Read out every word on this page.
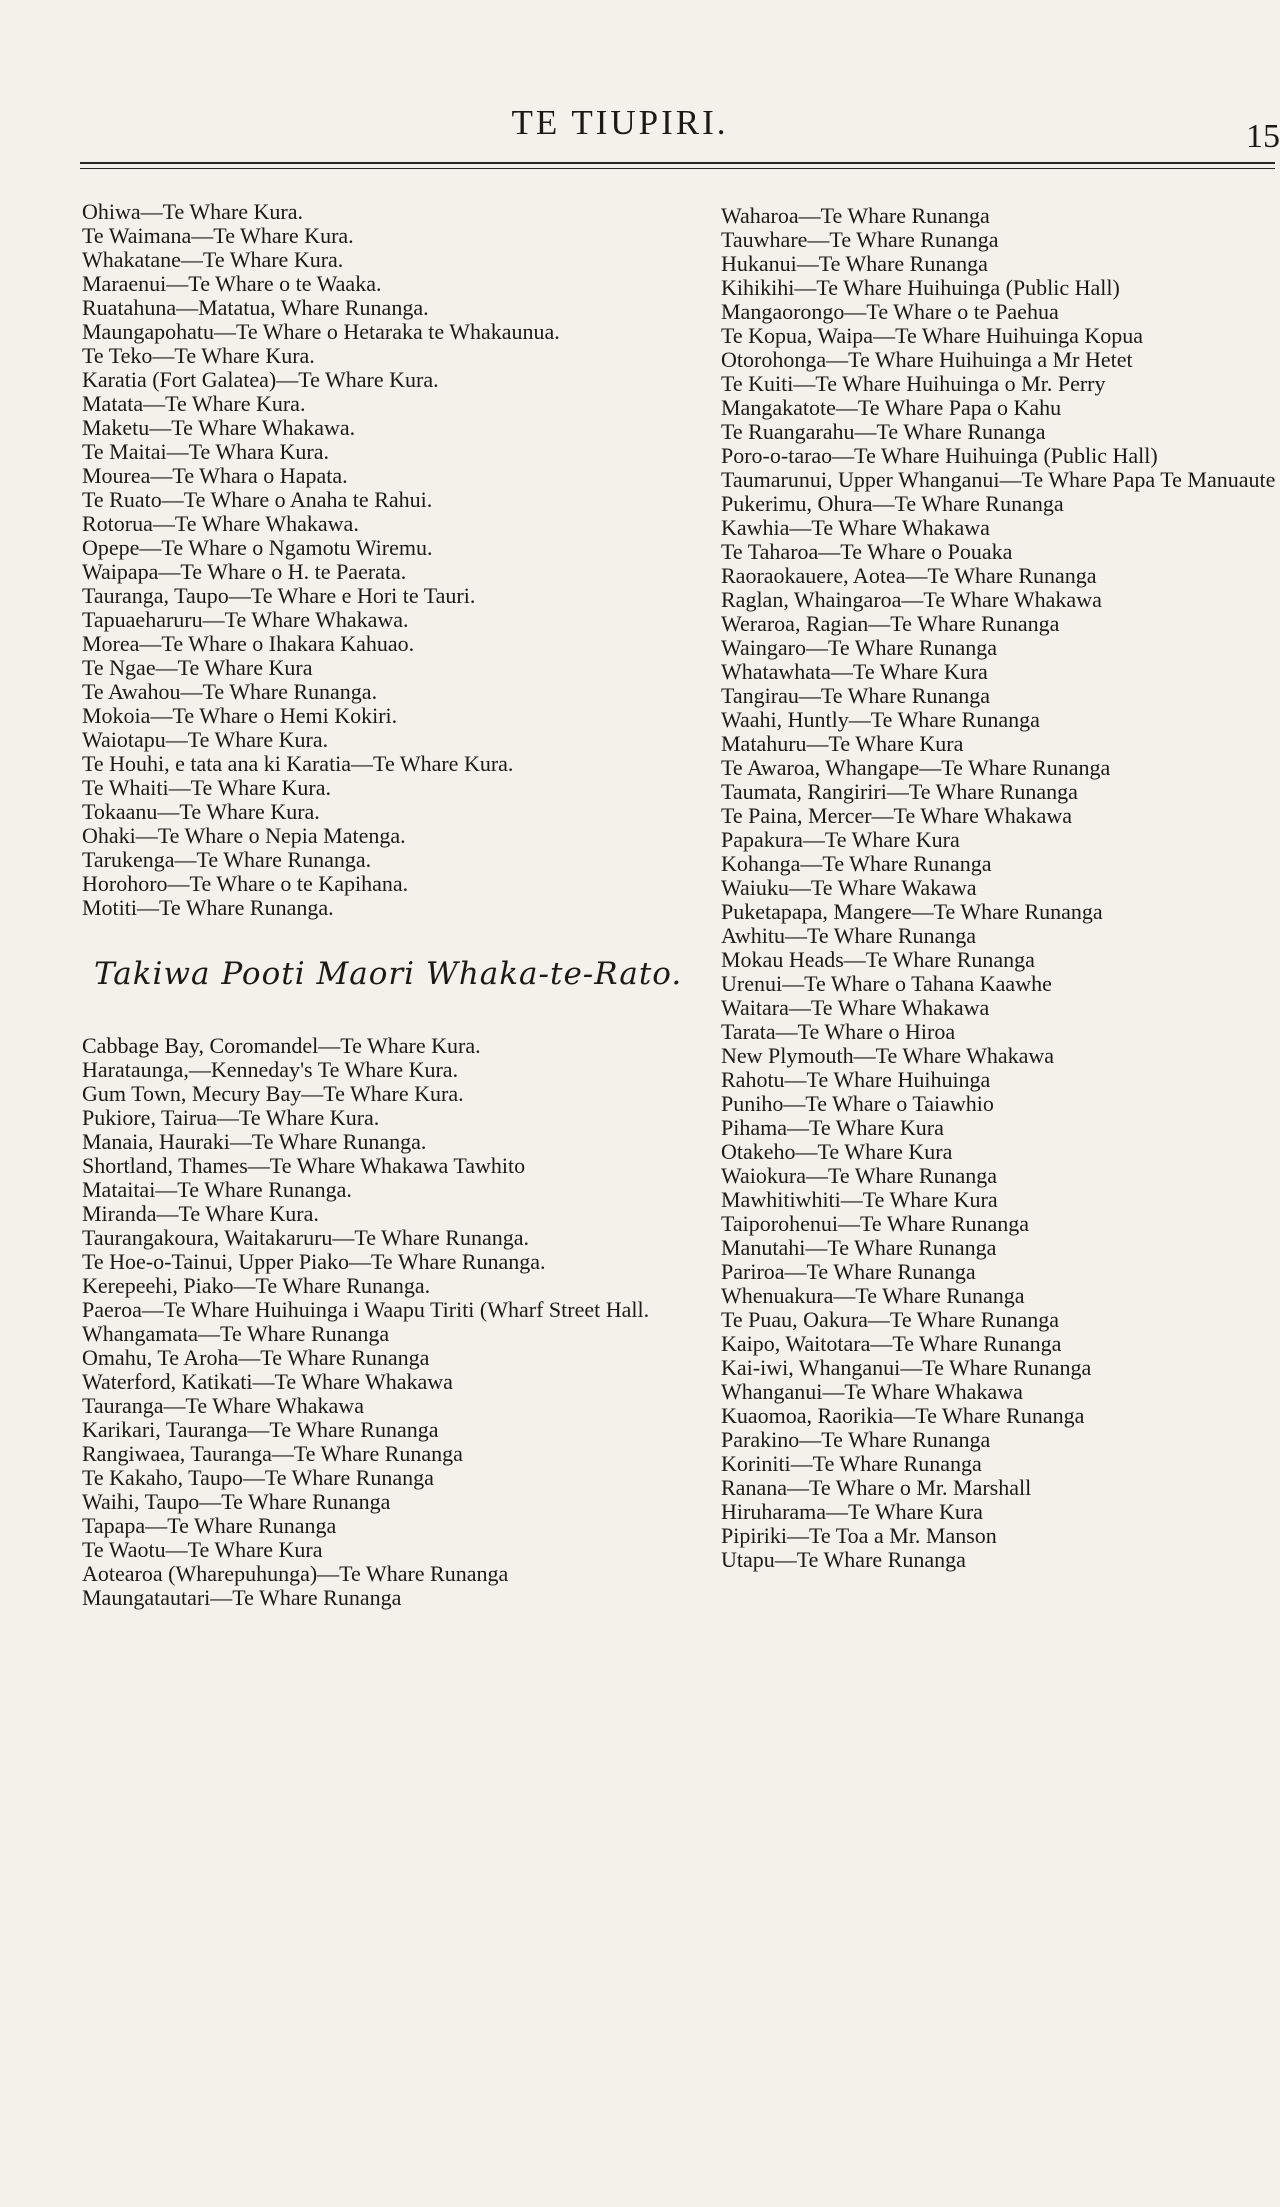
TE TIUPIRI.	15
Ohiwa—Te Whare Kura.
Te Waimana—Te Whare Kura.
Whakatane—Te Whare Kura.
Maraenui—Te Whare o te Waaka.
Ruatahuna—Matatua, Whare Runanga.
Maungapohatu—Te Whare o Hetaraka te Whakaunua.
Te Teko—Te Whare Kura.
Karatia (Fort Galatea)—Te Whare Kura.
Matata—Te Whare Kura.
Maketu—Te Whare Whakawa.
Te Maitai—Te Whara Kura.
Mourea—Te Whara o Hapata.
Te Ruato—Te Whare o Anaha te Rahui.
Rotorua—Te Whare Whakawa.
Opepe—Te Whare o Ngamotu Wiremu.
Waipapa—Te Whare o H. te Paerata.
Tauranga, Taupo—Te Whare e Hori te Tauri.
Tapuaeharuru—Te Whare Whakawa.
Morea—Te Whare o Ihakara Kahuao.
Te Ngae—Te Whare Kura
Te Awahou—Te Whare Runanga.
Mokoia—Te Whare o Hemi Kokiri.
Waiotapu—Te Whare Kura.
Te Houhi, e tata ana ki Karatia—Te Whare Kura.
Te Whaiti—Te Whare Kura.
Tokaanu—Te Whare Kura.
Ohaki—Te Whare o Nepia Matenga.
Tarukenga—Te Whare Runanga.
Horohoro—Te Whare o te Kapihana.
Motiti—Te Whare Runanga.
Takiwa Pooti Maori Whaka-te-Rato.
Cabbage Bay, Coromandel—Te Whare Kura.
Harataunga,—Kenneday's Te Whare Kura.
Gum Town, Mecury Bay—Te Whare Kura.
Pukiore, Tairua—Te Whare Kura.
Manaia, Hauraki—Te Whare Runanga.
Shortland, Thames—Te Whare Whakawa Tawhito
Mataitai—Te Whare Runanga.
Miranda—Te Whare Kura.
Taurangakoura, Waitakaruru—Te Whare Runanga.
Te Hoe-o-Tainui, Upper Piako—Te Whare Runanga.
Kerepeehi, Piako—Te Whare Runanga.
Paeroa—Te Whare Huihuinga i Waapu Tiriti (Wharf Street Hall.
Whangamata—Te Whare Runanga
Omahu, Te Aroha—Te Whare Runanga
Waterford, Katikati—Te Whare Whakawa
Tauranga—Te Whare Whakawa
Karikari, Tauranga—Te Whare Runanga
Rangiwaea, Tauranga—Te Whare Runanga
Te Kakaho, Taupo—Te Whare Runanga
Waihi, Taupo—Te Whare Runanga
Tapapa—Te Whare Runanga
Te Waotu—Te Whare Kura
Aotearoa (Wharepuhunga)—Te Whare Runanga
Maungatautari—Te Whare Runanga
Waharoa—Te Whare Runanga
Tauwhare—Te Whare Runanga
Hukanui—Te Whare Runanga
Kihikihi—Te Whare Huihuinga (Public Hall)
Mangaorongo—Te Whare o te Paehua
Te Kopua, Waipa—Te Whare Huihuinga Kopua
Otorohonga—Te Whare Huihuinga a Mr Hetet
Te Kuiti—Te Whare Huihuinga o Mr. Perry
Mangakatote—Te Whare Papa o Kahu
Te Ruangarahu—Te Whare Runanga
Poro-o-tarao—Te Whare Huihuinga (Public Hall)
Taumarunui, Upper Whanganui—Te Whare Papa Te Manuaute
Pukerimu, Ohura—Te Whare Runanga
Kawhia—Te Whare Whakawa
Te Taharoa—Te Whare o Pouaka
Raoraokauere, Aotea—Te Whare Runanga
Raglan, Whaingaroa—Te Whare Whakawa
Weraroa, Ragian—Te Whare Runanga
Waingaro—Te Whare Runanga
Whatawhata—Te Whare Kura
Tangirau—Te Whare Runanga
Waahi, Huntly—Te Whare Runanga
Matahuru—Te Whare Kura
Te Awaroa, Whangape—Te Whare Runanga
Taumata, Rangiriri—Te Whare Runanga
Te Paina, Mercer—Te Whare Whakawa
Papakura—Te Whare Kura
Kohanga—Te Whare Runanga
Waiuku—Te Whare Wakawa
Puketapapa, Mangere—Te Whare Runanga
Awhitu—Te Whare Runanga
Mokau Heads—Te Whare Runanga
Urenui—Te Whare o Tahana Kaawhe
Waitara—Te Whare Whakawa
Tarata—Te Whare o Hiroa
New Plymouth—Te Whare Whakawa
Rahotu—Te Whare Huihuinga
Puniho—Te Whare o Taiawhio
Pihama—Te Whare Kura
Otakeho—Te Whare Kura
Waiokura—Te Whare Runanga
Mawhitiwhiti—Te Whare Kura
Taiporohenui—Te Whare Runanga
Manutahi—Te Whare Runanga
Pariroa—Te Whare Runanga
Whenuakura—Te Whare Runanga
Te Puau, Oakura—Te Whare Runanga
Kaipo, Waitotara—Te Whare Runanga
Kai-iwi, Whanganui—Te Whare Runanga
Whanganui—Te Whare Whakawa
Kuaomoa, Raorikia—Te Whare Runanga
Parakino—Te Whare Runanga
Koriniti—Te Whare Runanga
Ranana—Te Whare o Mr. Marshall
Hiruharama—Te Whare Kura
Pipiriki—Te Toa a Mr. Manson
Utapu—Te Whare Runanga
